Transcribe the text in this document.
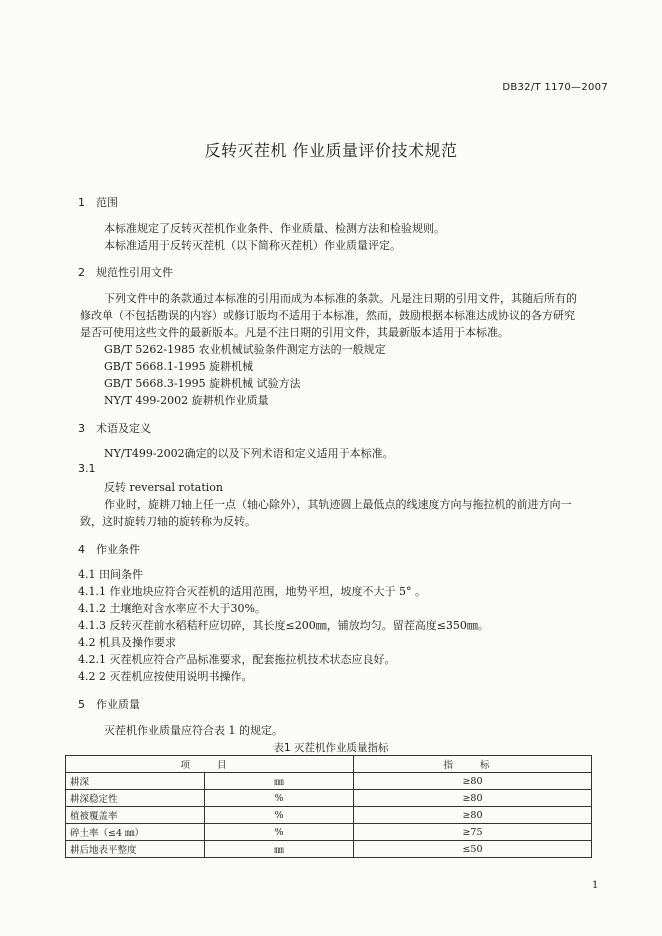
DB32/T 1170—2007
反转灭茬机 作业质量评价技术规范
1 范围
本标准规定了反转灭茬机作业条件、作业质量、检测方法和检验规则。
本标准适用于反转灭茬机（以下简称灭茬机）作业质量评定。
2 规范性引用文件
下列文件中的条款通过本标准的引用而成为本标准的条款。凡是注日期的引用文件，其随后所有的
修改单（不包括勘误的内容）或修订版均不适用于本标准，然而，鼓励根据本标准达成协议的各方研究
是否可使用这些文件的最新版本。凡是不注日期的引用文件，其最新版本适用于本标准。
GB/T 5262-1985 农业机械试验条件测定方法的一般规定
GB/T 5668.1-1995 旋耕机械
GB/T 5668.3-1995 旋耕机械 试验方法
NY/T 499-2002 旋耕机作业质量
3 术语及定义
NY/T499-2002确定的以及下列术语和定义适用于本标准。
3.1
反转 reversal rotation
作业时，旋耕刀轴上任一点（轴心除外），其轨迹圆上最低点的线速度方向与拖拉机的前进方向一
致，这时旋转刀轴的旋转称为反转。
4 作业条件
4.1 田间条件
4.1.1 作业地块应符合灭茬机的适用范围，地势平坦，坡度不大于 5° 。
4.1.2 土壤绝对含水率应不大于30%。
4.1.3 反转灭茬前水稻秸秆应切碎，其长度≤200㎜，铺放均匀。留茬高度≤350㎜。
4.2 机具及操作要求
4.2.1 灭茬机应符合产品标准要求，配套拖拉机技术状态应良好。
4.2 2 灭茬机应按使用说明书操作。
5 作业质量
灭茬机作业质量应符合表 1 的规定。
表1 灭茬机作业质量指标
项 目		指 标
耕深	㎜	≥80
耕深稳定性	%	≥80
植被覆盖率	%	≥80
碎土率（≤4 ㎜）	%	≥75
耕后地表平整度	㎜	≤50
1
